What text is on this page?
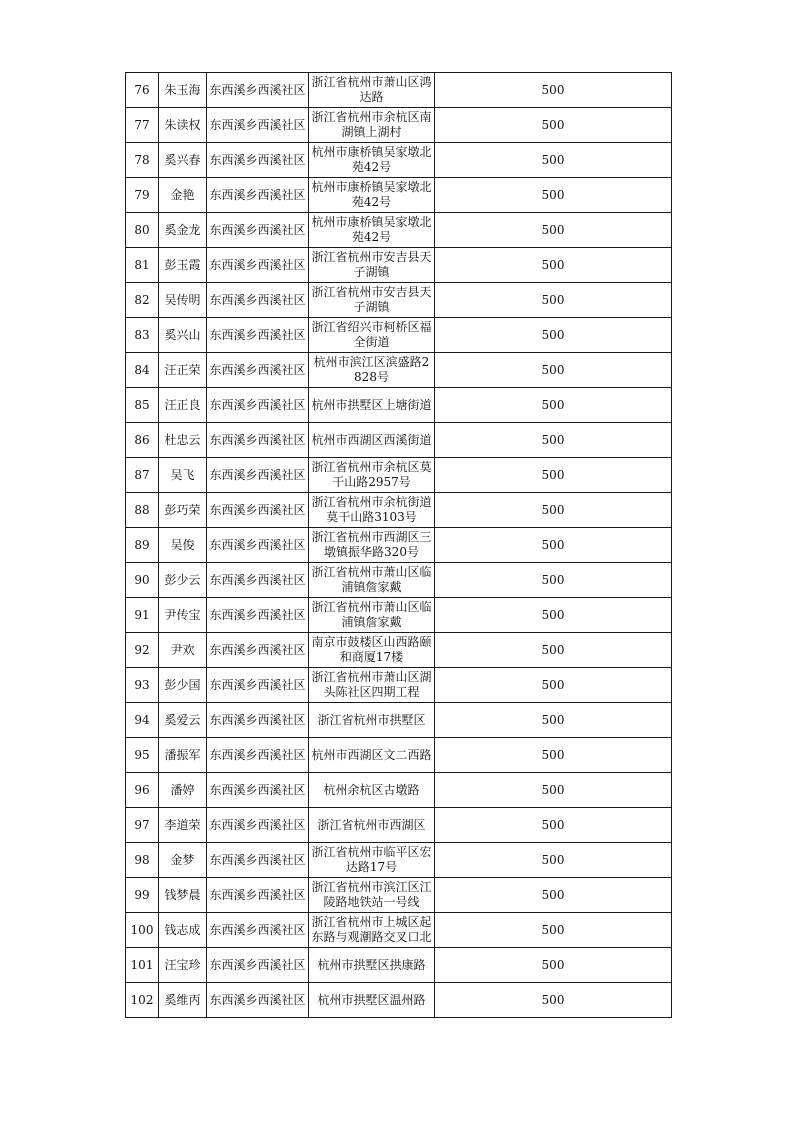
76	朱玉海	东西溪乡西溪社区	浙江省杭州市萧山区鸿达路	500
77	朱读权	东西溪乡西溪社区	浙江省杭州市余杭区南湖镇上湖村	500
78	奚兴春	东西溪乡西溪社区	杭州市康桥镇吴家墩北苑42号	500
79	金艳	东西溪乡西溪社区	杭州市康桥镇吴家墩北苑42号	500
80	奚金龙	东西溪乡西溪社区	杭州市康桥镇吴家墩北苑42号	500
81	彭玉霞	东西溪乡西溪社区	浙江省杭州市安吉县天子湖镇	500
82	吴传明	东西溪乡西溪社区	浙江省杭州市安吉县天子湖镇	500
83	奚兴山	东西溪乡西溪社区	浙江省绍兴市柯桥区福全街道	500
84	汪正荣	东西溪乡西溪社区	杭州市滨江区滨盛路2828号	500
85	汪正良	东西溪乡西溪社区	杭州市拱墅区上塘街道	500
86	杜忠云	东西溪乡西溪社区	杭州市西湖区西溪街道	500
87	吴飞	东西溪乡西溪社区	浙江省杭州市余杭区莫干山路2957号	500
88	彭巧荣	东西溪乡西溪社区	浙江省杭州市余杭街道莫干山路3103号	500
89	吴俊	东西溪乡西溪社区	浙江省杭州市西湖区三墩镇振华路320号	500
90	彭少云	东西溪乡西溪社区	浙江省杭州市萧山区临浦镇詹家戴	500
91	尹传宝	东西溪乡西溪社区	浙江省杭州市萧山区临浦镇詹家戴	500
92	尹欢	东西溪乡西溪社区	南京市鼓楼区山西路颐和商厦17楼	500
93	彭少国	东西溪乡西溪社区	浙江省杭州市萧山区湖头陈社区四期工程	500
94	奚爱云	东西溪乡西溪社区	浙江省杭州市拱墅区	500
95	潘振军	东西溪乡西溪社区	杭州市西湖区文二西路	500
96	潘婷	东西溪乡西溪社区	杭州余杭区古墩路	500
97	李道荣	东西溪乡西溪社区	浙江省杭州市西湖区	500
98	金梦	东西溪乡西溪社区	浙江省杭州市临平区宏达路17号	500
99	钱梦晨	东西溪乡西溪社区	浙江省杭州市滨江区江陵路地铁站一号线	500
100	钱志成	东西溪乡西溪社区	浙江省杭州市上城区起东路与观潮路交叉口北	500
101	汪宝珍	东西溪乡西溪社区	杭州市拱墅区拱康路	500
102	奚维丙	东西溪乡西溪社区	杭州市拱墅区温州路	500
